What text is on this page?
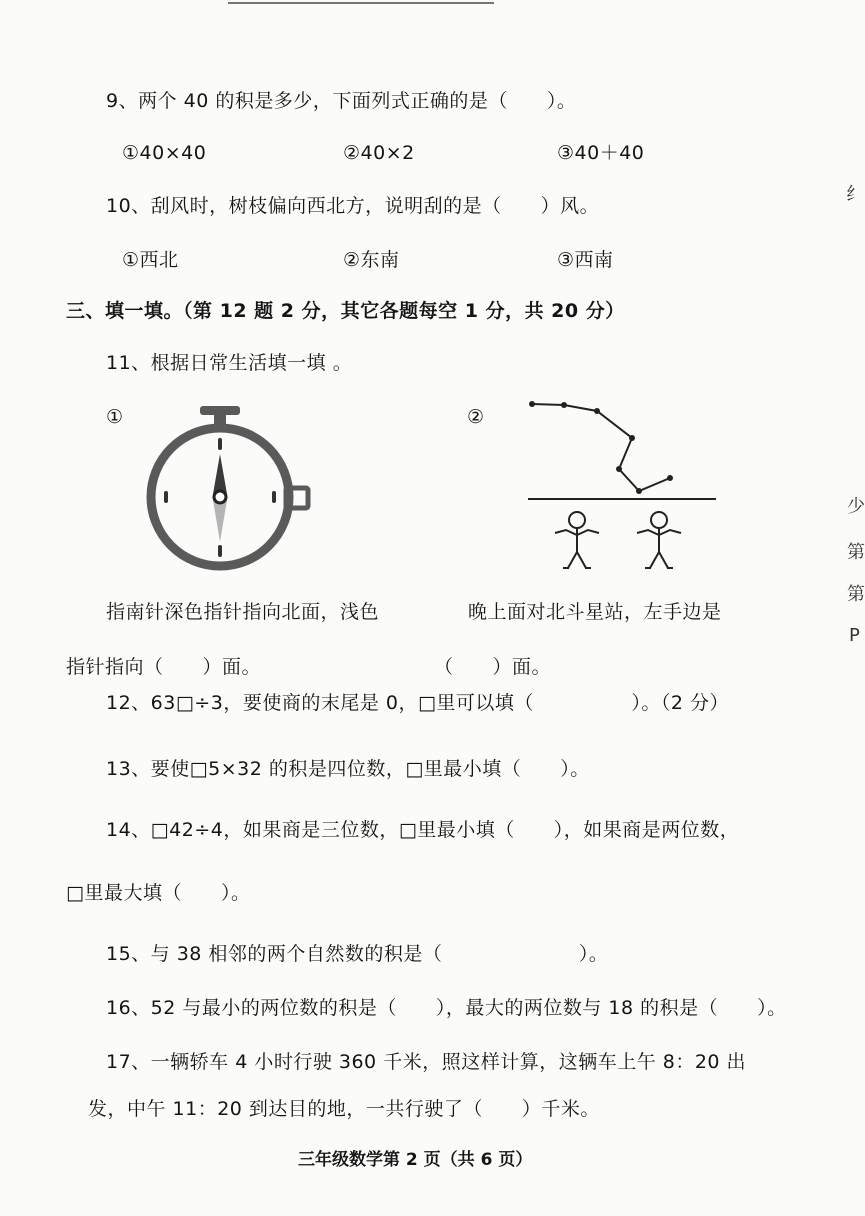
9、两个 40 的积是多少，下面列式正确的是（　　）。
①40×40	②40×2	③40＋40
10、刮风时，树枝偏向西北方，说明刮的是（　　）风。
①西北	②东南	③西南
三、填一填。（第 12 题 2 分，其它各题每空 1 分，共 20 分）
11、根据日常生活填一填 。
①	②
指南针深色指针指向北面，浅色	晚上面对北斗星站，左手边是
指针指向（　　）面。	（　　）面。
12、63□÷3，要使商的末尾是 0，□里可以填（　　　　　）。（2 分）
13、要使□5×32 的积是四位数，□里最小填（　　）。
14、□42÷4，如果商是三位数，□里最小填（　　），如果商是两位数，
□里最大填（　　）。
15、与 38 相邻的两个自然数的积是（　　　　　　　）。
16、52 与最小的两位数的积是（　　），最大的两位数与 18 的积是（　　）。
17、一辆轿车 4 小时行驶 360 千米，照这样计算，这辆车上午 8：20 出
发，中午 11：20 到达目的地，一共行驶了（　　）千米。
三年级数学第 2 页（共 6 页）
纟
少
第
第
P
